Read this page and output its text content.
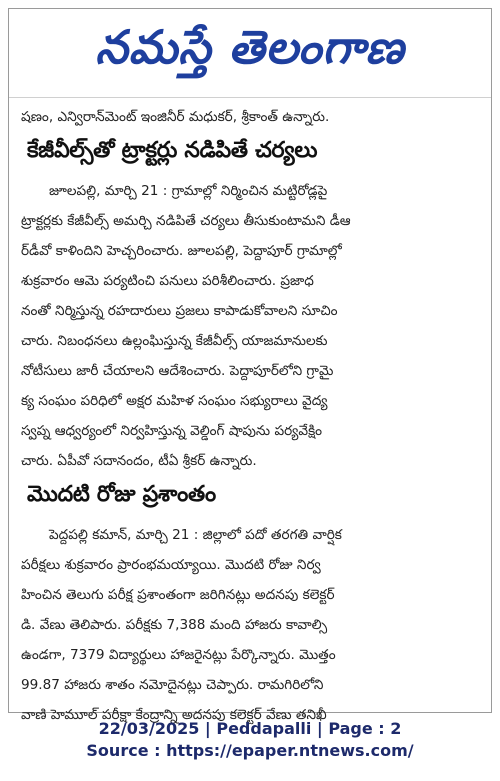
నమస్తే తెలంగాణ

షణం, ఎన్విరాన్‌మెంట్ ఇంజినీర్ మధుకర్, శ్రీకాంత్ ఉన్నారు.

కేజీవీల్స్‌తో ట్రాక్టర్లు నడిపితే చర్యలు

జూలపల్లి, మార్చి 21 : గ్రామాల్లో నిర్మించిన మట్టిరోడ్లపై

ట్రాక్టర్లకు కేజీవీల్స్ అమర్చి నడిపితే చర్యలు తీసుకుంటామని డీఆ

ర్‌డీవో కాళిందిని హెచ్చరించారు. జూలపల్లి, పెద్దాపూర్ గ్రామాల్లో

శుక్రవారం ఆమె పర్యటించి పనులు పరిశీలించారు. ప్రజాధ

నంతో నిర్మిస్తున్న రహదారులు ప్రజలు కాపాడుకోవాలని సూచిం

చారు. నిబంధనలు ఉల్లంఘిస్తున్న కేజీవీల్స్ యాజమానులకు

నోటీసులు జారీ చేయాలని ఆదేశించారు. పెద్దాపూర్‌లోని గ్రామై

క్య సంఘం పరిధిలో అక్షర మహిళ సంఘం సభ్యురాలు వైద్య

స్వప్న ఆధ్వర్యంలో నిర్వహిస్తున్న వెల్డింగ్ షాపును పర్యవేక్షిం

చారు. ఏపీవో సదానందం, టీఏ శ్రీకర్ ఉన్నారు.

మొదటి రోజు ప్రశాంతం

పెద్దపల్లి కమాన్, మార్చి 21 : జిల్లాలో పదో తరగతి వార్షిక

పరీక్షలు శుక్రవారం ప్రారంభమయ్యాయి. మొదటి రోజు నిర్వ

హించిన తెలుగు పరీక్ష ప్రశాంతంగా జరిగినట్లు అదనపు కలెక్టర్

డి. వేణు తెలిపారు. పరీక్షకు 7,388 మంది హాజరు కావాల్సి

ఉండగా, 7379 విద్యార్థులు హాజరైనట్లు పేర్కొన్నారు. మొత్తం

99.87 హాజరు శాతం నమోదైనట్లు చెప్పారు. రామగిరిలోని

వాణి హెమూల్ పరీక్షా కేంద్రాన్ని అదనపు కలెక్టర్ వేణు తనిఖీ

22/03/2025 | Peddapalli | Page : 2
Source : https://epaper.ntnews.com/
